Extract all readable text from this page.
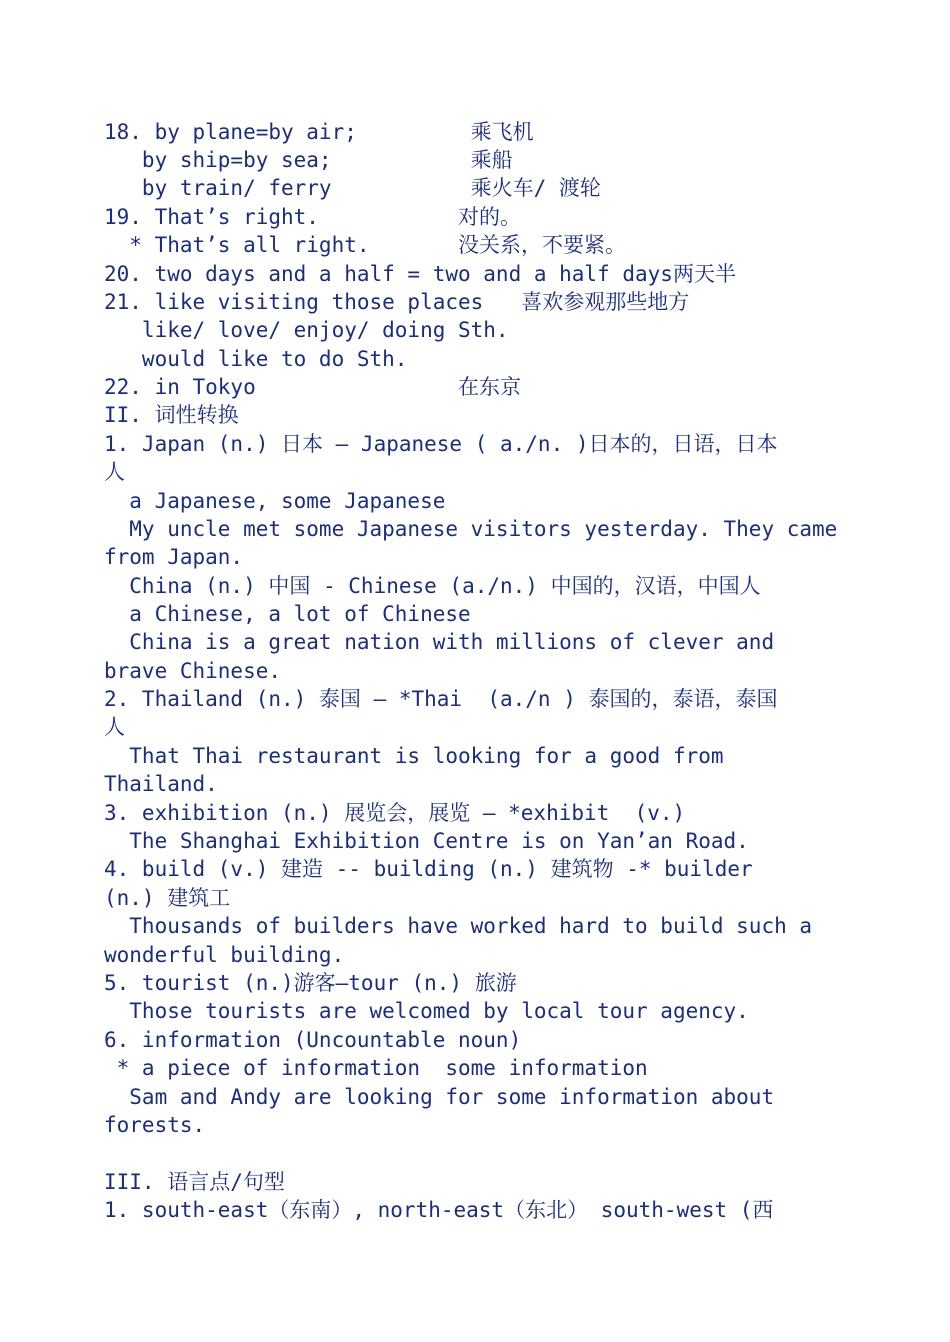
18. by plane=by air;         乘飞机

by ship=by sea;           乘船

by train/ ferry           乘火车/ 渡轮

19. That’s right.           对的。

* That’s all right.       没关系，不要紧。

20. two days and a half = two and a half days两天半

21. like visiting those places   喜欢参观那些地方

like/ love/ enjoy/ doing Sth.

would like to do Sth.

22. in Tokyo                在东京

II. 词性转换

1. Japan (n.) 日本 — Japanese ( a./n. )日本的，日语，日本

人

a Japanese, some Japanese

My uncle met some Japanese visitors yesterday. They came

from Japan.

China (n.) 中国 - Chinese (a./n.) 中国的，汉语，中国人

a Chinese, a lot of Chinese

China is a great nation with millions of clever and

brave Chinese.

2. Thailand (n.) 泰国 — *Thai  (a./n ) 泰国的，泰语，泰国

人

That Thai restaurant is looking for a good from

Thailand.

3. exhibition (n.) 展览会，展览 — *exhibit  (v.)

The Shanghai Exhibition Centre is on Yan’an Road.

4. build (v.) 建造 -- building (n.) 建筑物 -* builder

(n.) 建筑工

Thousands of builders have worked hard to build such a

wonderful building.

5. tourist (n.)游客—tour (n.) 旅游

Those tourists are welcomed by local tour agency.

6. information (Uncountable noun)

* a piece of information  some information

Sam and Andy are looking for some information about

forests.

III. 语言点/句型

1. south-east（东南）, north-east（东北） south-west (西
